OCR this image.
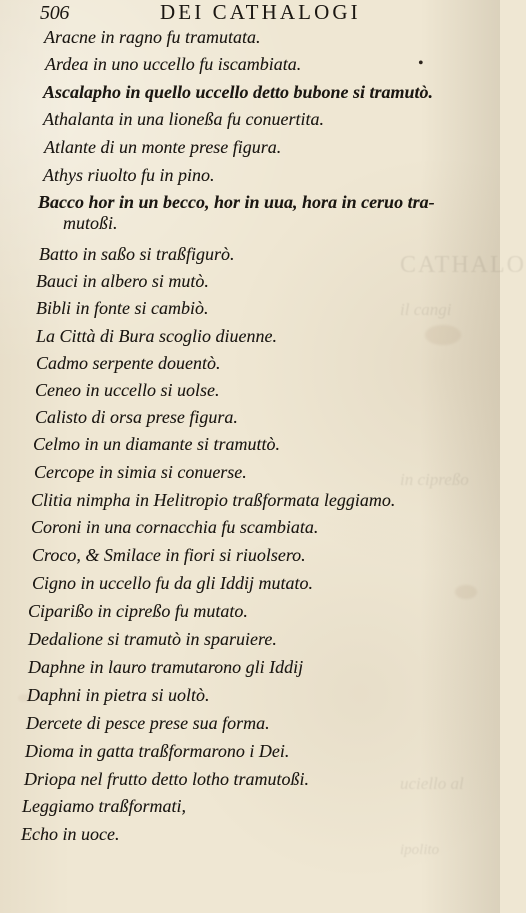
CATHALO
il cangi
in cipreßo
uciello al
ipolito
506	DEI CATHALOGI
•
Aracne in ragno fu tramutata.
Ardea in uno uccello fu iscambiata.
Ascalapho in quello uccello detto bubone si tramutò.
Athalanta in una lioneßa fu conuertita.
Atlante di un monte prese figura.
Athys riuolto fu in pino.
Bacco hor in un becco, hor in uua, hora in ceruo tra-
mutoßi.
Batto in saßo si traßfigurò.
Bauci in albero si mutò.
Bibli in fonte si cambiò.
La Città di Bura scoglio diuenne.
Cadmo serpente douentò.
Ceneo in uccello si uolse.
Calisto di orsa prese figura.
Celmo in un diamante si tramuttò.
Cercope in simia si conuerse.
Clitia nimpha in Helitropio traßformata leggiamo.
Coroni in una cornacchia fu scambiata.
Croco, & Smilace in fiori si riuolsero.
Cigno in uccello fu da gli Iddij mutato.
Ciparißo in cipreßo fu mutato.
Dedalione si tramutò in sparuiere.
Daphne in lauro tramutarono gli Iddij
Daphni in pietra si uoltò.
Dercete di pesce prese sua forma.
Dioma in gatta traßformarono i Dei.
Driopa nel frutto detto lotho tramutoßi.
Leggiamo traßformati,
Echo in uoce.
